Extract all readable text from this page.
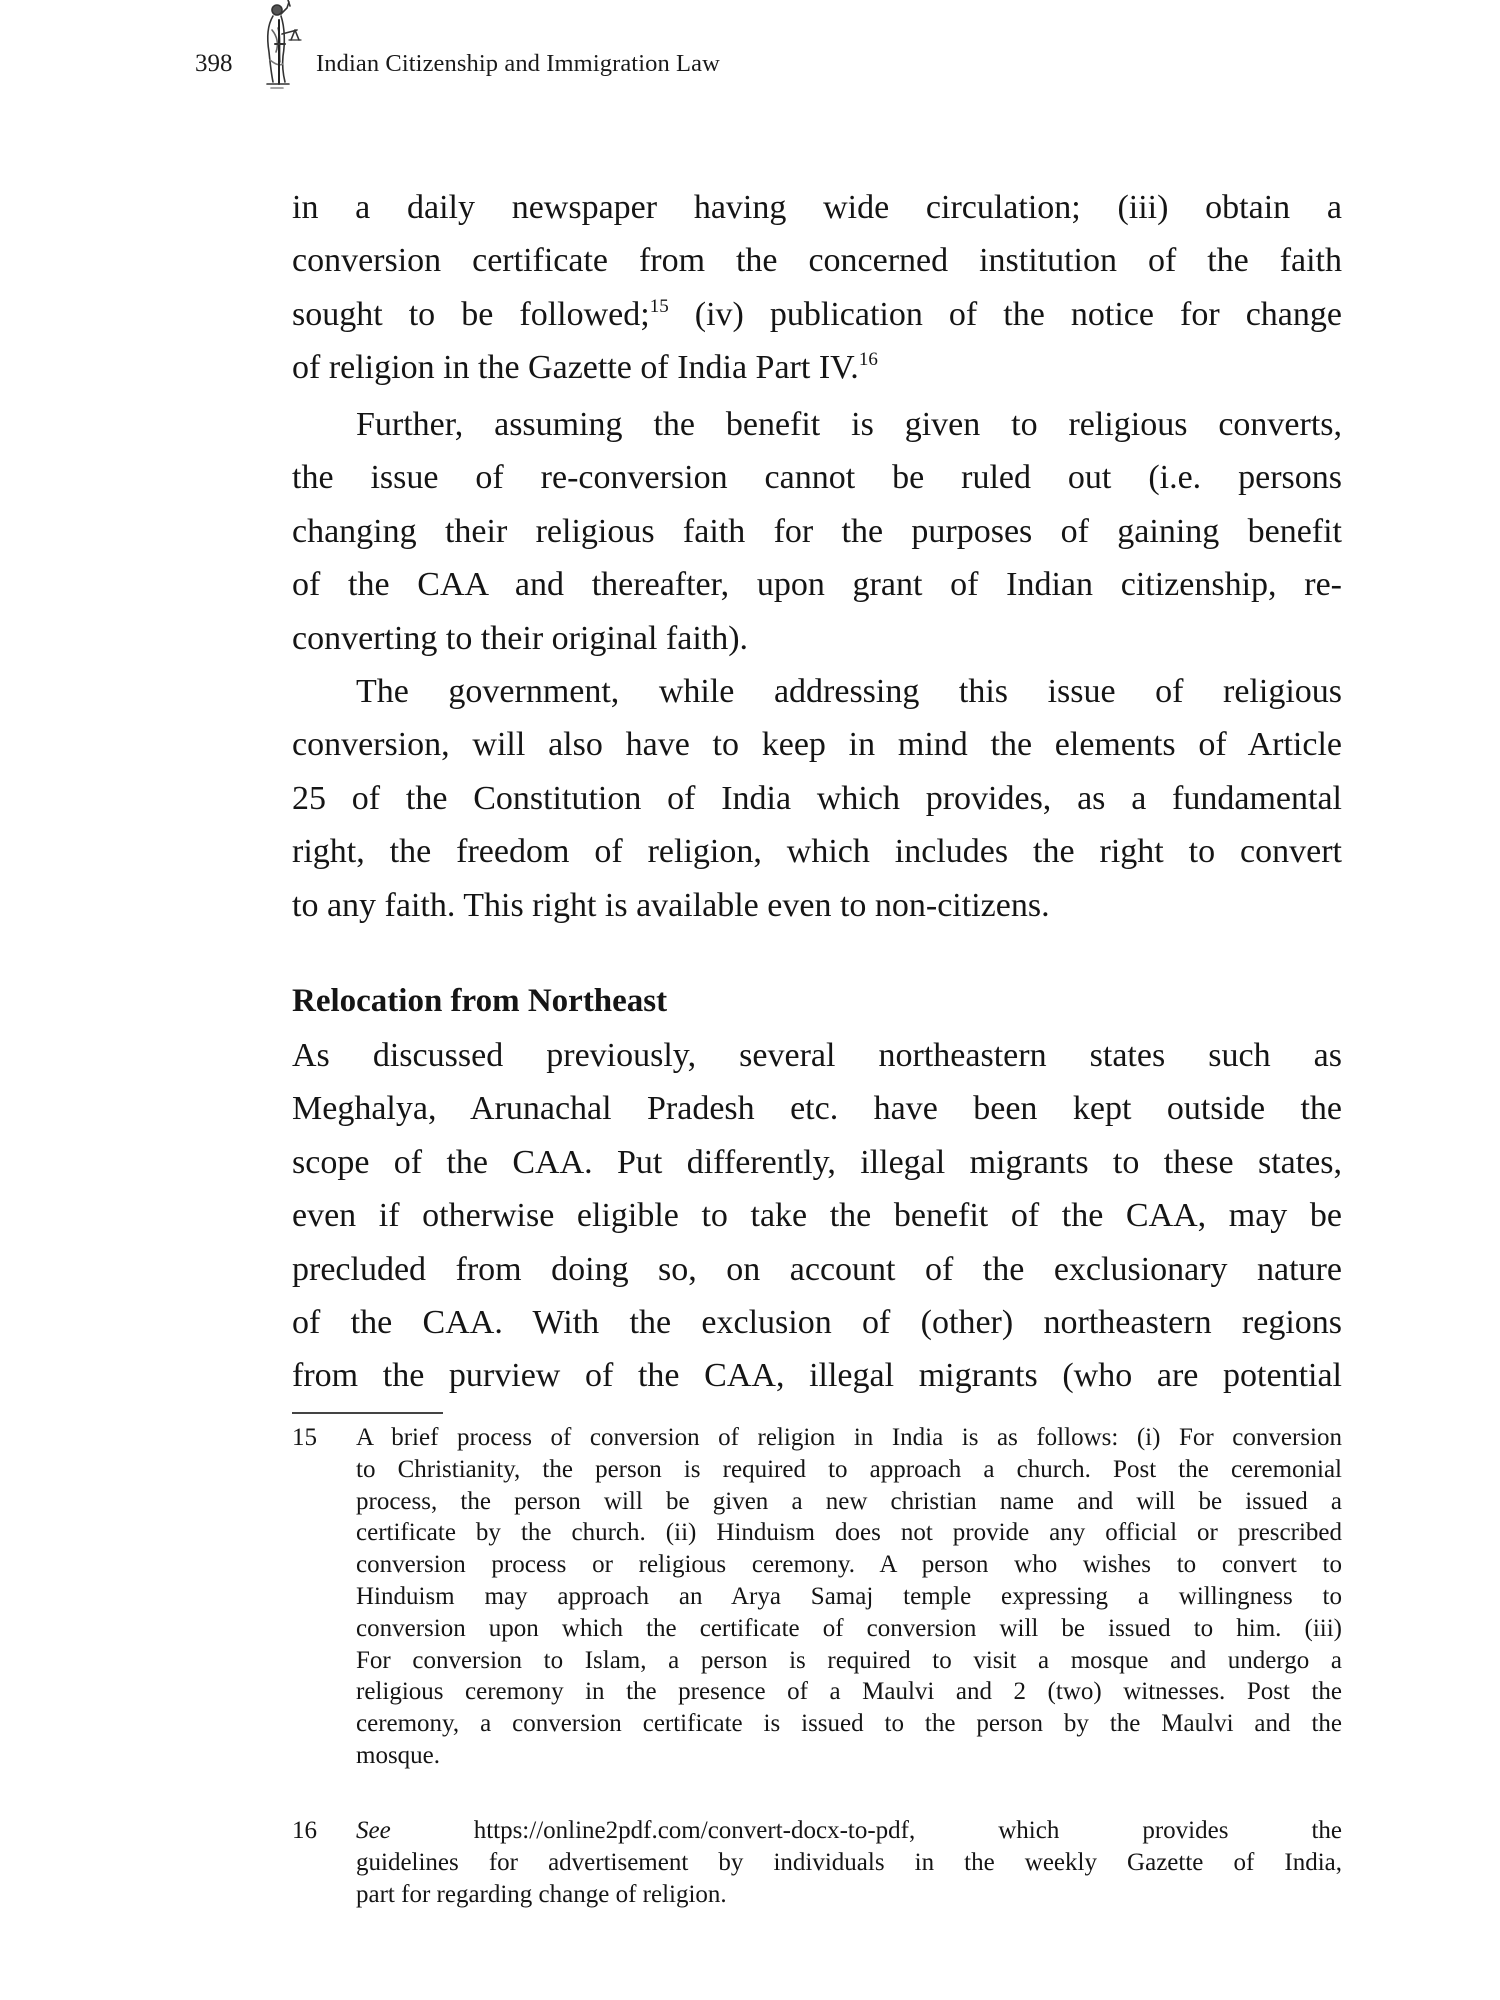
398	Indian Citizenship and Immigration Law
in a daily newspaper having wide circulation; (iii) obtain a
conversion certificate from the concerned institution of the faith
sought to be followed;$^{15}$ (iv) publication of the notice for change
of religion in the Gazette of India Part IV.$^{16}$
Further, assuming the benefit is given to religious converts,
the issue of re-conversion cannot be ruled out (i.e. persons
changing their religious faith for the purposes of gaining benefit
of the CAA and thereafter, upon grant of Indian citizenship, re-
converting to their original faith).
The government, while addressing this issue of religious
conversion, will also have to keep in mind the elements of Article
25 of the Constitution of India which provides, as a fundamental
right, the freedom of religion, which includes the right to convert
to any faith. This right is available even to non-citizens.
Relocation from Northeast
As discussed previously, several northeastern states such as
Meghalya, Arunachal Pradesh etc. have been kept outside the
scope of the CAA. Put differently, illegal migrants to these states,
even if otherwise eligible to take the benefit of the CAA, may be
precluded from doing so, on account of the exclusionary nature
of the CAA. With the exclusion of (other) northeastern regions
from the purview of the CAA, illegal migrants (who are potential
15 A brief process of conversion of religion in India is as follows: (i) For conversion
to Christianity, the person is required to approach a church. Post the ceremonial
process, the person will be given a new christian name and will be issued a
certificate by the church. (ii) Hinduism does not provide any official or prescribed
conversion process or religious ceremony. A person who wishes to convert to
Hinduism may approach an Arya Samaj temple expressing a willingness to
conversion upon which the certificate of conversion will be issued to him. (iii)
For conversion to Islam, a person is required to visit a mosque and undergo a
religious ceremony in the presence of a Maulvi and 2 (two) witnesses. Post the
ceremony, a conversion certificate is issued to the person by the Maulvi and the
mosque.
16 See	https://online2pdf.com/convert-docx-to-pdf,	which	provides	the
guidelines for advertisement by individuals in the weekly Gazette of India,
part for regarding change of religion.
